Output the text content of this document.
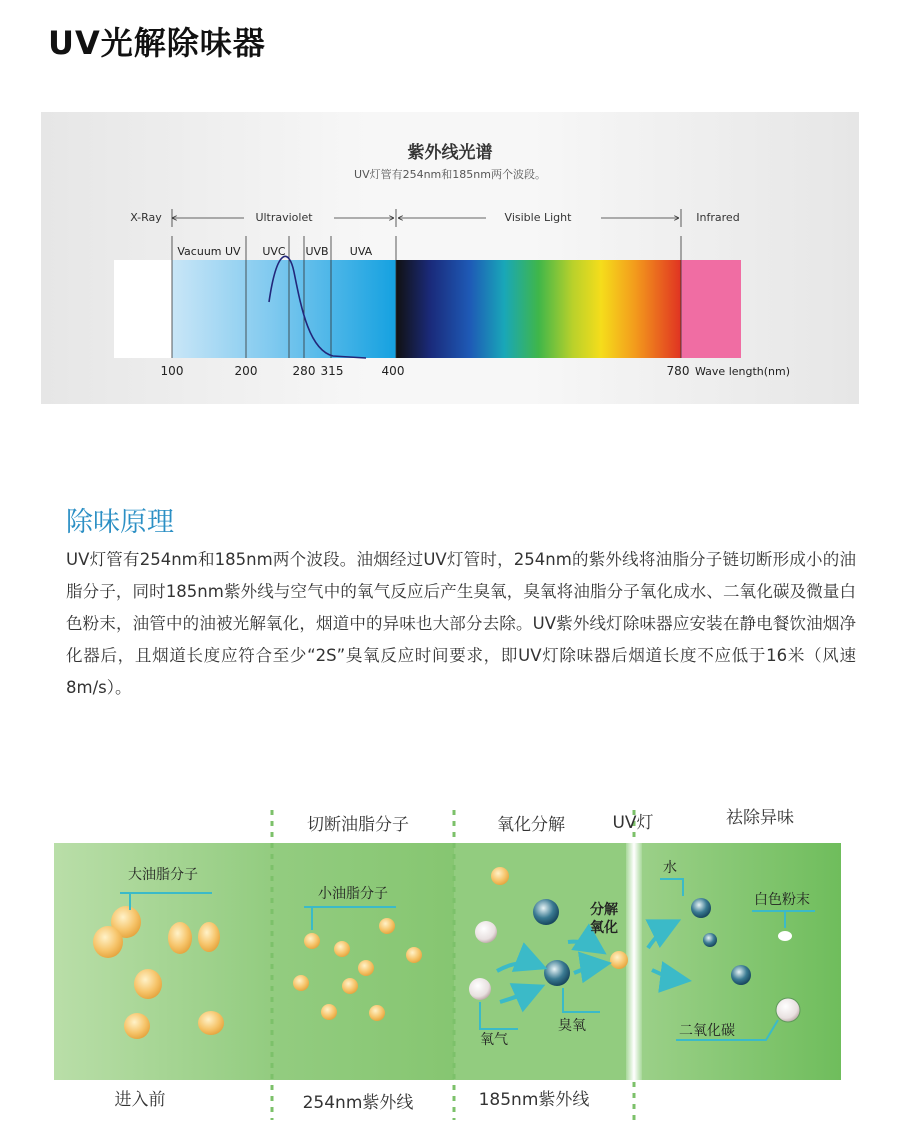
UV光解除味器
紫外线光谱
UV灯管有254nm和185nm两个波段。
X-Ray	Ultraviolet	Visible Light	Infrared
Vacuum UV UVC UVB UVA
100	200	280 315	400	780 Wave length(nm)
除味原理
UV灯管有254nm和185nm两个波段。油烟经过UV灯管时，254nm的紫外线将油脂分子链切断形成小的油脂分子，同时185nm紫外线与空气中的氧气反应后产生臭氧，臭氧将油脂分子氧化成水、二氧化碳及微量白色粉末，油管中的油被光解氧化，烟道中的异味也大部分去除。UV紫外线灯除味器应安装在静电餐饮油烟净化器后，且烟道长度应符合至少“2S”臭氧反应时间要求，即UV灯除味器后烟道长度不应低于16米（风速8m/s）。
切断油脂分子	氧化分解	UV灯	祛除异味
进入前	254nm紫外线	185nm紫外线
大油脂分子
小油脂分子
分解
氧化
氧气
臭氧
水
白色粉末
二氧化碳
